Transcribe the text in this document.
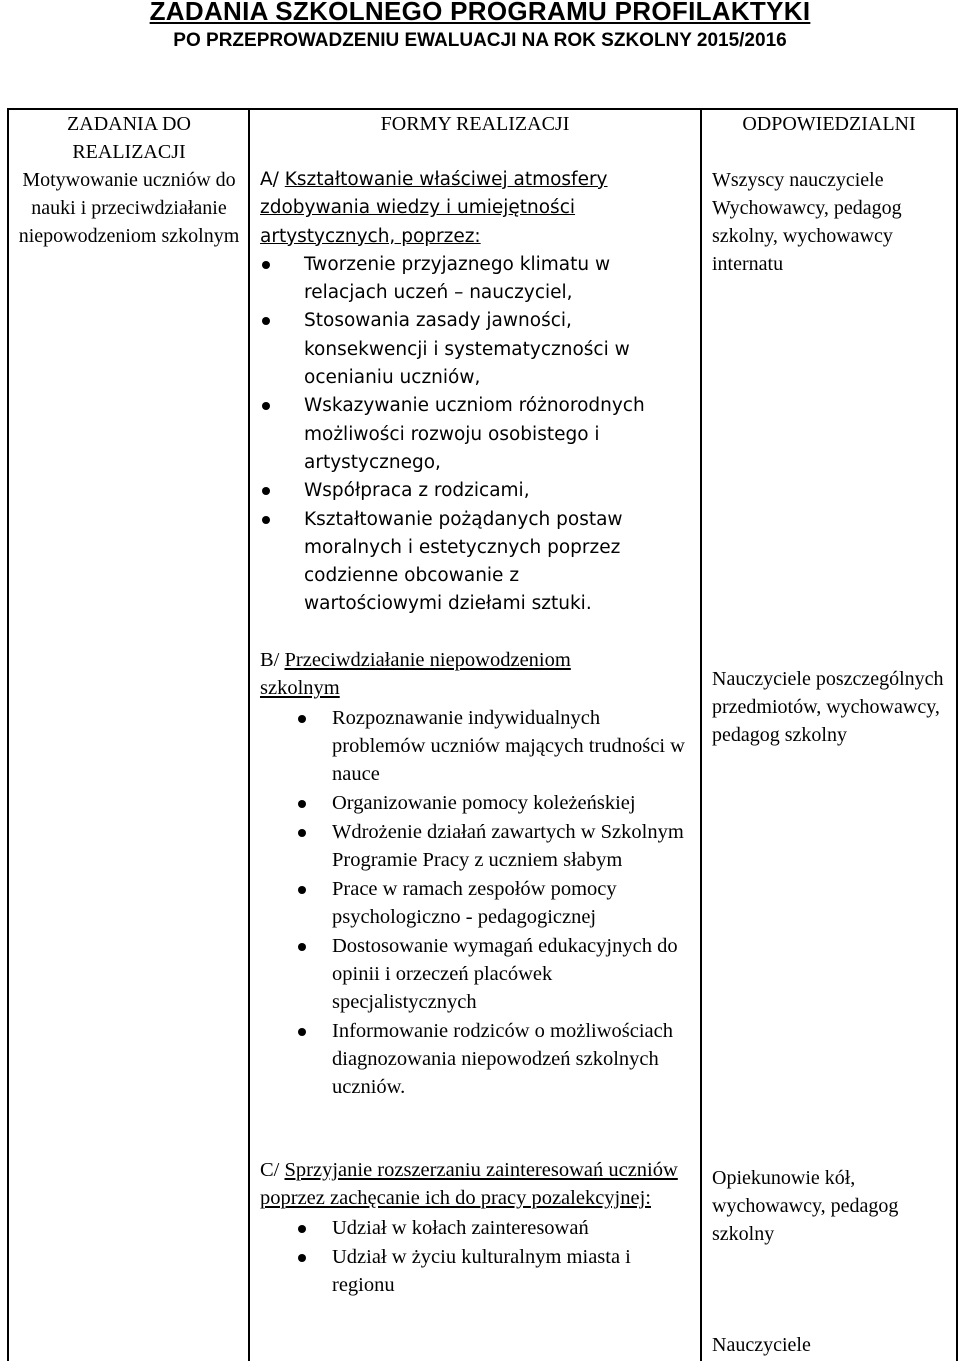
ZADANIA SZKOLNEGO PROGRAMU PROFILAKTYKI
PO PRZEPROWADZENIU EWALUACJI NA ROK SZKOLNY 2015/2016
ZADANIA DO REALIZACJI
FORMY REALIZACJI	ODPOWIEDZIALNI
Motywowanie uczniów do nauki i przeciwdziałanie niepowodzeniom szkolnym
A/ Kształtowanie właściwej atmosfery zdobywania wiedzy i umiejętności artystycznych, poprzez:
Tworzenie przyjaznego klimatu w relacjach uczeń – nauczyciel,
Stosowania zasady jawności, konsekwencji i systematyczności w ocenianiu uczniów,
Wskazywanie uczniom różnorodnych możliwości rozwoju osobistego i artystycznego,
Współpraca z rodzicami,
Kształtowanie pożądanych postaw moralnych i estetycznych poprzez codzienne obcowanie z wartościowymi dziełami sztuki.
Wszyscy nauczyciele Wychowawcy, pedagog szkolny, wychowawcy internatu
B/ Przeciwdziałanie niepowodzeniom szkolnym
Rozpoznawanie indywidualnych problemów uczniów mających trudności w nauce
Organizowanie pomocy koleżeńskiej
Wdrożenie działań zawartych w Szkolnym Programie Pracy z uczniem słabym
Prace w ramach zespołów pomocy psychologiczno - pedagogicznej
Dostosowanie wymagań edukacyjnych do opinii i orzeczeń placówek specjalistycznych
Informowanie rodziców o możliwościach diagnozowania niepowodzeń szkolnych uczniów.
Nauczyciele poszczególnych przedmiotów, wychowawcy, pedagog szkolny
C/ Sprzyjanie rozszerzaniu zainteresowań uczniów poprzez zachęcanie ich do pracy pozalekcyjnej:
Udział w kołach zainteresowań
Udział w życiu kulturalnym miasta i regionu
Opiekunowie kół, wychowawcy, pedagog szkolny
Nauczyciele
